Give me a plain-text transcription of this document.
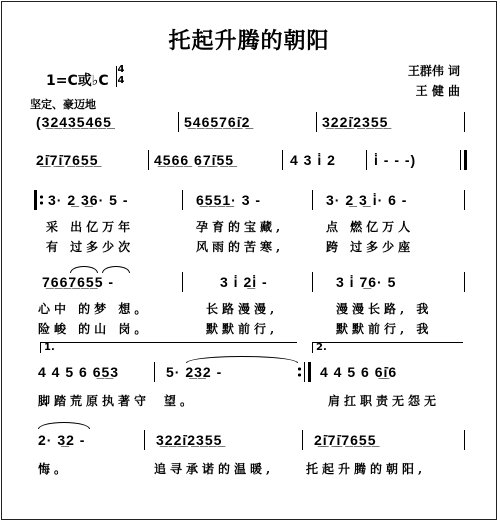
托起升腾的朝阳
1=C或♭C
4
4
坚定、豪迈地
王群伟 词
王 健 曲
(3̲2̲4̲3̲5̲4̲6̲5̲	5̲4̲6̲5̲7̲6̲i̲̇2̲	3̲2̲2̲i̲̇2̲3̲5̲5̲
2̲i̲̇7̲i̲̇7̲6̲5̲5̲	4̲5̲6̲6̲ 6̲7̲i̲̇5̲5̲	4 3 i̇ 2	i̇ - - -)
3· 2̲ 3̲6· 5 -	6̲5̲5̲1̲· 3 -	3· 2̲ 3̲ i̇· 6 -
采 出亿万年	孕育的宝藏,	点 燃亿万人
有 过多少次	风雨的苦寒,	跨 过多少座
7̲6̲6̲7̲6̲5̲5 -	3 i̇ 2̲i̇ -	3 i̇ 7̲6· 5
心中 的梦 想。	长路漫漫,	漫漫长路, 我
险峻 的山 岗。	默默前行,	默默前行, 我
1.	2.
4 4 5 6 6̲5̲3	5· 2̲3̲2 -	4 4 5 6 6̲i̲̇6
脚踏荒原执著守 望。	肩扛职责无怨无
2· 3̲2 -	3̲2̲2̲i̲̇2̲3̲5̲5̲	2̲i̲̇7̲i̲̇7̲6̲5̲5̲
悔。	追寻承诺的温暖,	托起升腾的朝阳,
